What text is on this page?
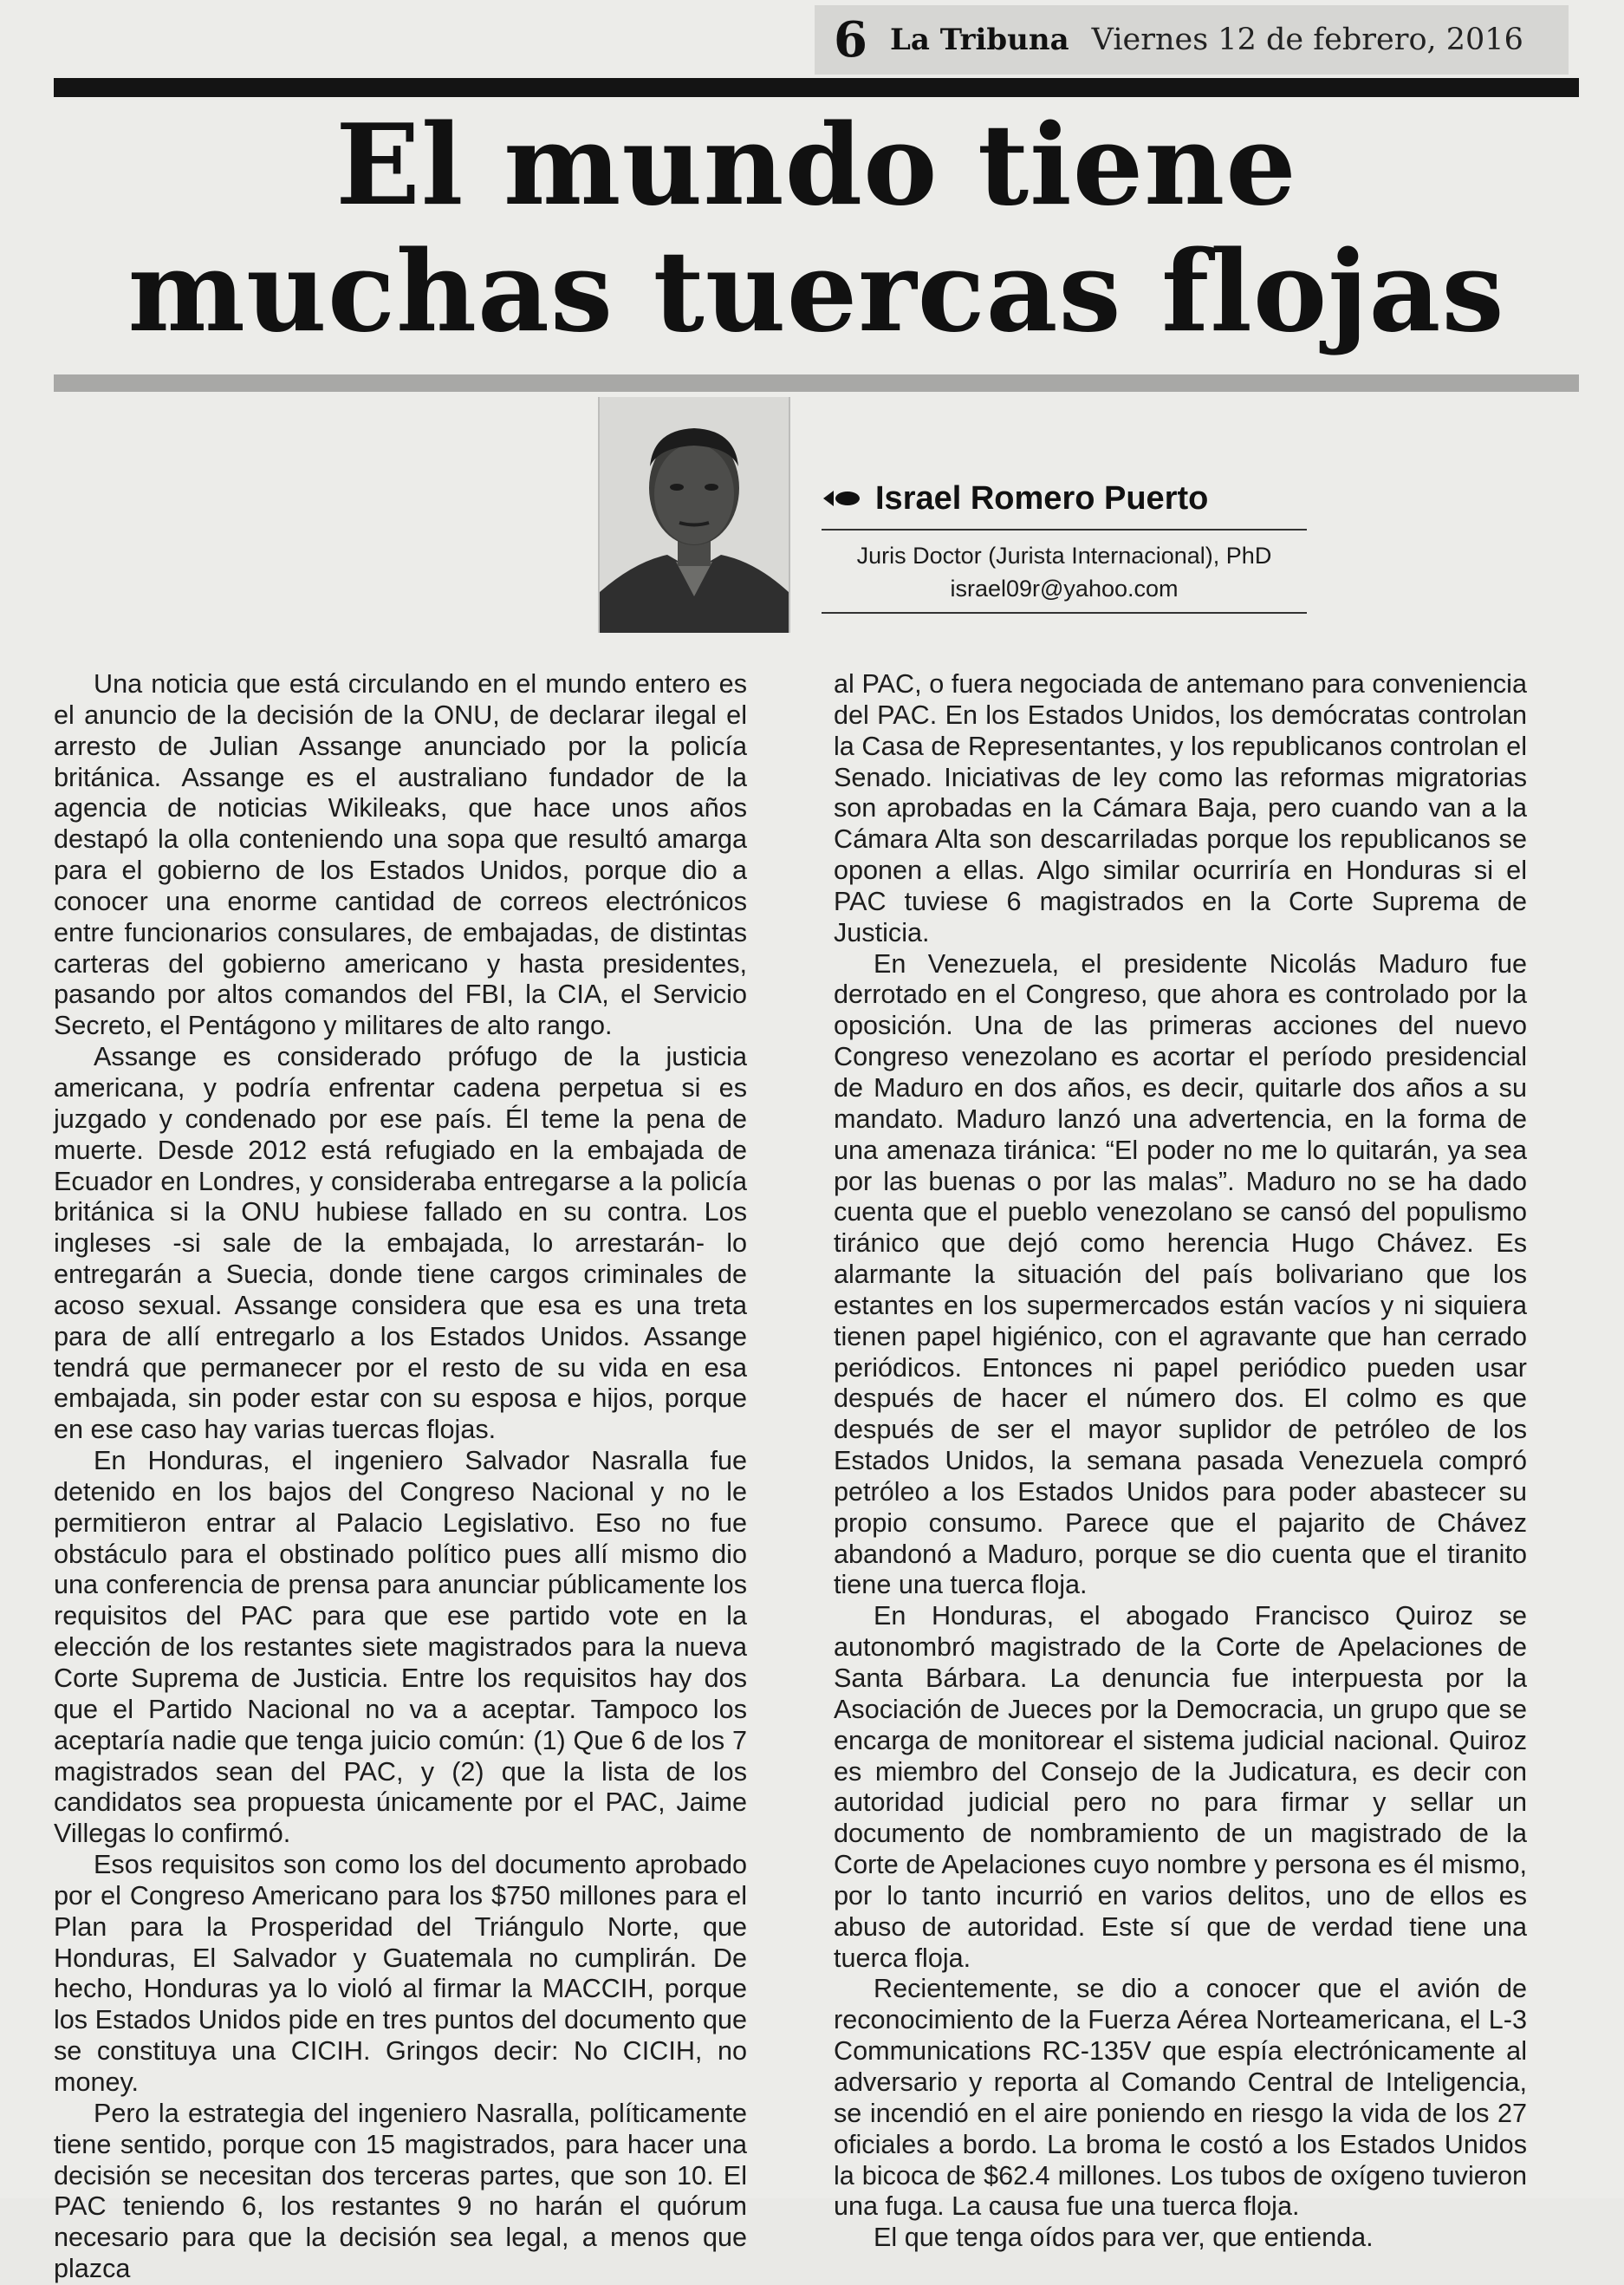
6 La Tribuna Viernes 12 de febrero, 2016
El mundo tiene
muchas tuercas flojas
Israel Romero Puerto
Juris Doctor (Jurista Internacional), PhD
israel09r@yahoo.com

Una noticia que está circulando en el mundo entero es el anuncio de la decisión de la ONU, de declarar ilegal el arresto de Julian Assange anunciado por la policía británica. Assange es el australiano fundador de la agencia de noticias Wikileaks, que hace unos años destapó la olla conteniendo una sopa que resultó amarga para el gobierno de los Estados Unidos, porque dio a conocer una enorme cantidad de correos electrónicos entre funcionarios consulares, de embajadas, de distintas carteras del gobierno americano y hasta presidentes, pasando por altos comandos del FBI, la CIA, el Servicio Secreto, el Pentágono y militares de alto rango.

Assange es considerado prófugo de la justicia americana, y podría enfrentar cadena perpetua si es juzgado y condenado por ese país. Él teme la pena de muerte. Desde 2012 está refugiado en la embajada de Ecuador en Londres, y consideraba entregarse a la policía británica si la ONU hubiese fallado en su contra. Los ingleses -si sale de la embajada, lo arrestarán- lo entregarán a Suecia, donde tiene cargos criminales de acoso sexual. Assange considera que esa es una treta para de allí entregarlo a los Estados Unidos. Assange tendrá que permanecer por el resto de su vida en esa embajada, sin poder estar con su esposa e hijos, porque en ese caso hay varias tuercas flojas.

En Honduras, el ingeniero Salvador Nasralla fue detenido en los bajos del Congreso Nacional y no le permitieron entrar al Palacio Legislativo. Eso no fue obstáculo para el obstinado político pues allí mismo dio una conferencia de prensa para anunciar públicamente los requisitos del PAC para que ese partido vote en la elección de los restantes siete magistrados para la nueva Corte Suprema de Justicia. Entre los requisitos hay dos que el Partido Nacional no va a aceptar. Tampoco los aceptaría nadie que tenga juicio común: (1) Que 6 de los 7 magistrados sean del PAC, y (2) que la lista de los candidatos sea propuesta únicamente por el PAC, Jaime Villegas lo confirmó.

Esos requisitos son como los del documento aprobado por el Congreso Americano para los $750 millones para el Plan para la Prosperidad del Triángulo Norte, que Honduras, El Salvador y Guatemala no cumplirán. De hecho, Honduras ya lo violó al firmar la MACCIH, porque los Estados Unidos pide en tres puntos del documento que se constituya una CICIH. Gringos decir: No CICIH, no money.

Pero la estrategia del ingeniero Nasralla, políticamente tiene sentido, porque con 15 magistrados, para hacer una decisión se necesitan dos terceras partes, que son 10. El PAC teniendo 6, los restantes 9 no harán el quórum necesario para que la decisión sea legal, a menos que plazca

al PAC, o fuera negociada de antemano para conveniencia del PAC. En los Estados Unidos, los demócratas controlan la Casa de Representantes, y los republicanos controlan el Senado. Iniciativas de ley como las reformas migratorias son aprobadas en la Cámara Baja, pero cuando van a la Cámara Alta son descarriladas porque los republicanos se oponen a ellas. Algo similar ocurriría en Honduras si el PAC tuviese 6 magistrados en la Corte Suprema de Justicia.

En Venezuela, el presidente Nicolás Maduro fue derrotado en el Congreso, que ahora es controlado por la oposición. Una de las primeras acciones del nuevo Congreso venezolano es acortar el período presidencial de Maduro en dos años, es decir, quitarle dos años a su mandato. Maduro lanzó una advertencia, en la forma de una amenaza tiránica: “El poder no me lo quitarán, ya sea por las buenas o por las malas”. Maduro no se ha dado cuenta que el pueblo venezolano se cansó del populismo tiránico que dejó como herencia Hugo Chávez. Es alarmante la situación del país bolivariano que los estantes en los supermercados están vacíos y ni siquiera tienen papel higiénico, con el agravante que han cerrado periódicos. Entonces ni papel periódico pueden usar después de hacer el número dos. El colmo es que después de ser el mayor suplidor de petróleo de los Estados Unidos, la semana pasada Venezuela compró petróleo a los Estados Unidos para poder abastecer su propio consumo. Parece que el pajarito de Chávez abandonó a Maduro, porque se dio cuenta que el tiranito tiene una tuerca floja.

En Honduras, el abogado Francisco Quiroz se autonombró magistrado de la Corte de Apelaciones de Santa Bárbara. La denuncia fue interpuesta por la Asociación de Jueces por la Democracia, un grupo que se encarga de monitorear el sistema judicial nacional. Quiroz es miembro del Consejo de la Judicatura, es decir con autoridad judicial pero no para firmar y sellar un documento de nombramiento de un magistrado de la Corte de Apelaciones cuyo nombre y persona es él mismo, por lo tanto incurrió en varios delitos, uno de ellos es abuso de autoridad. Este sí que de verdad tiene una tuerca floja.

Recientemente, se dio a conocer que el avión de reconocimiento de la Fuerza Aérea Norteamericana, el L-3 Communications RC-135V que espía electrónicamente al adversario y reporta al Comando Central de Inteligencia, se incendió en el aire poniendo en riesgo la vida de los 27 oficiales a bordo. La broma le costó a los Estados Unidos la bicoca de $62.4 millones. Los tubos de oxígeno tuvieron una fuga. La causa fue una tuerca floja.

El que tenga oídos para ver, que entienda.
